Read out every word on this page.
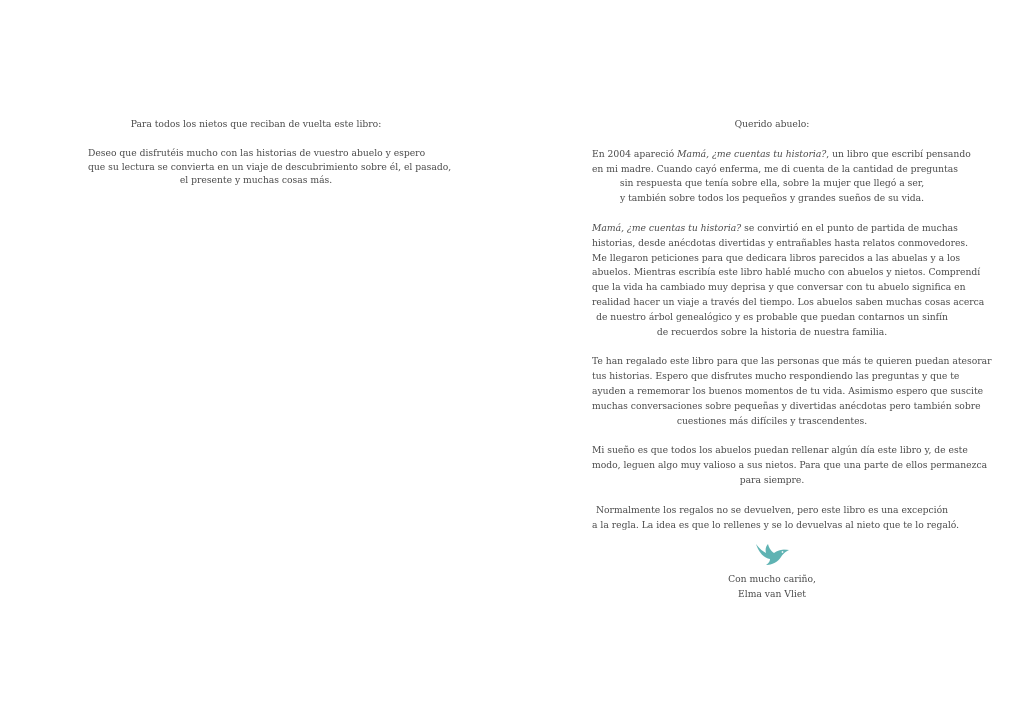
Para todos los nietos que reciban de vuelta este libro:
Deseo que disfrutéis mucho con las historias de vuestro abuelo y espero
que su lectura se convierta en un viaje de descubrimiento sobre él, el pasado,
el presente y muchas cosas más.
Querido abuelo:
En 2004 apareció Mamá, ¿me cuentas tu historia?, un libro que escribí pensando
en mi madre. Cuando cayó enferma, me di cuenta de la cantidad de preguntas
sin respuesta que tenía sobre ella, sobre la mujer que llegó a ser,
y también sobre todos los pequeños y grandes sueños de su vida.
Mamá, ¿me cuentas tu historia? se convirtió en el punto de partida de muchas
historias, desde anécdotas divertidas y entrañables hasta relatos conmovedores.
Me llegaron peticiones para que dedicara libros parecidos a las abuelas y a los
abuelos. Mientras escribía este libro hablé mucho con abuelos y nietos. Comprendí
que la vida ha cambiado muy deprisa y que conversar con tu abuelo significa en
realidad hacer un viaje a través del tiempo. Los abuelos saben muchas cosas acerca
de nuestro árbol genealógico y es probable que puedan contarnos un sinfín
de recuerdos sobre la historia de nuestra familia.
Te han regalado este libro para que las personas que más te quieren puedan atesorar
tus historias. Espero que disfrutes mucho respondiendo las preguntas y que te
ayuden a rememorar los buenos momentos de tu vida. Asimismo espero que suscite
muchas conversaciones sobre pequeñas y divertidas anécdotas pero también sobre
cuestiones más difíciles y trascendentes.
Mi sueño es que todos los abuelos puedan rellenar algún día este libro y, de este
modo, leguen algo muy valioso a sus nietos. Para que una parte de ellos permanezca
para siempre.
Normalmente los regalos no se devuelven, pero este libro es una excepción
a la regla. La idea es que lo rellenes y se lo devuelvas al nieto que te lo regaló.
Con mucho cariño,
Elma van Vliet
